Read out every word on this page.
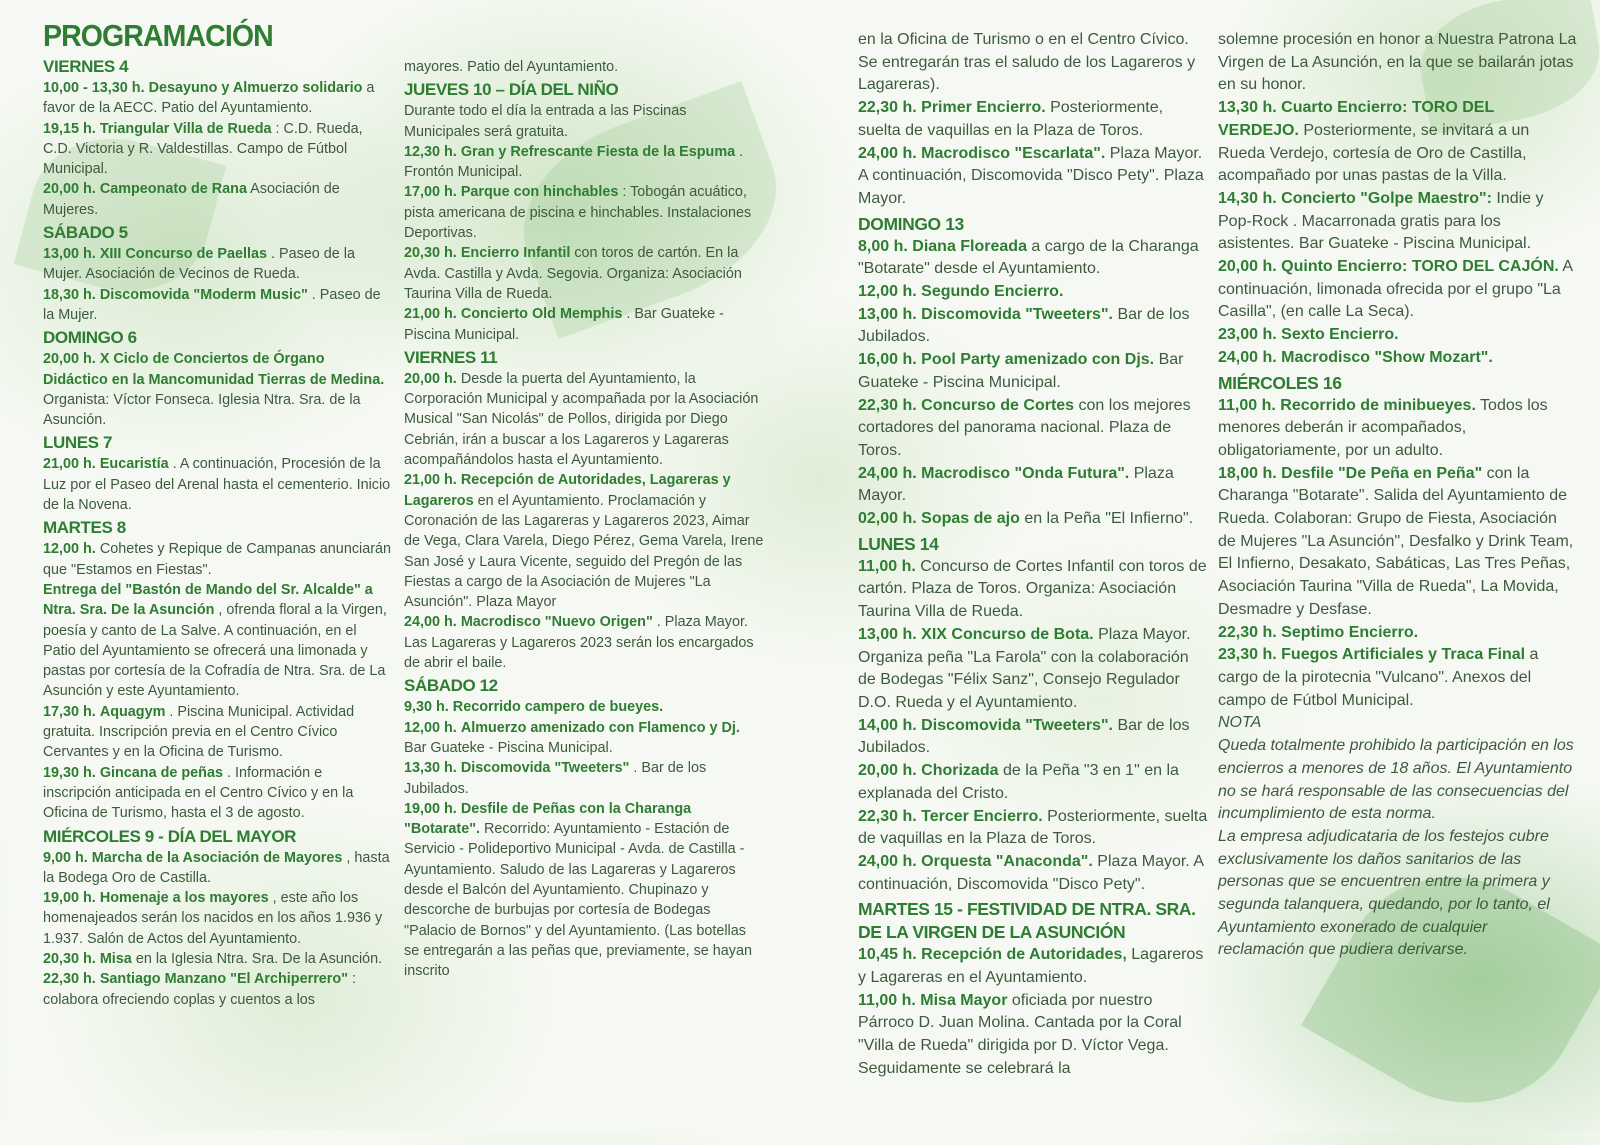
PROGRAMACIÓN
VIERNES 4

10,00 - 13,30 h. Desayuno y Almuerzo solidario a favor de la AECC. Patio del Ayuntamiento.

19,15 h. Triangular Villa de Rueda : C.D. Rueda, C.D. Victoria y R. Valdestillas. Campo de Fútbol Municipal.

20,00 h. Campeonato de Rana Asociación de Mujeres.

SÁBADO 5

13,00 h. XIII Concurso de Paellas . Paseo de la Mujer. Asociación de Vecinos de Rueda.

18,30 h. Discomovida "Moderm Music" . Paseo de la Mujer.

DOMINGO 6

20,00 h. X Ciclo de Conciertos de Órgano Didáctico en la Mancomunidad Tierras de Medina. Organista: Víctor Fonseca. Iglesia Ntra. Sra. de la Asunción.

LUNES 7

21,00 h. Eucaristía . A continuación, Procesión de la Luz por el Paseo del Arenal hasta el cementerio. Inicio de la Novena.

MARTES 8

12,00 h. Cohetes y Repique de Campanas anunciarán que "Estamos en Fiestas".

Entrega del "Bastón de Mando del Sr. Alcalde" a Ntra. Sra. De la Asunción , ofrenda floral a la Virgen, poesía y canto de La Salve. A continuación, en el Patio del Ayuntamiento se ofrecerá una limonada y pastas por cortesía de la Cofradía de Ntra. Sra. de La Asunción y este Ayuntamiento.

17,30 h. Aquagym . Piscina Municipal. Actividad gratuita. Inscripción previa en el Centro Cívico Cervantes y en la Oficina de Turismo.

19,30 h. Gincana de peñas . Información e inscripción anticipada en el Centro Cívico y en la Oficina de Turismo, hasta el 3 de agosto.

MIÉRCOLES 9 - DÍA DEL MAYOR

9,00 h. Marcha de la Asociación de Mayores , hasta la Bodega Oro de Castilla.

19,00 h. Homenaje a los mayores , este año los homenajeados serán los nacidos en los años 1.936 y 1.937. Salón de Actos del Ayuntamiento.

20,30 h. Misa en la Iglesia Ntra. Sra. De la Asunción.

22,30 h. Santiago Manzano "El Archiperrero" : colabora ofreciendo coplas y cuentos a los

mayores. Patio del Ayuntamiento.

JUEVES 10 – DÍA DEL NIÑO

Durante todo el día la entrada a las Piscinas Municipales será gratuita.

12,30 h. Gran y Refrescante Fiesta de la Espuma . Frontón Municipal.

17,00 h. Parque con hinchables : Tobogán acuático, pista americana de piscina e hinchables. Instalaciones Deportivas.

20,30 h. Encierro Infantil con toros de cartón. En la Avda. Castilla y Avda. Segovia. Organiza: Asociación Taurina Villa de Rueda.

21,00 h. Concierto Old Memphis . Bar Guateke - Piscina Municipal.

VIERNES 11

20,00 h. Desde la puerta del Ayuntamiento, la Corporación Municipal y acompañada por la Asociación Musical "San Nicolás" de Pollos, dirigida por Diego Cebrián, irán a buscar a los Lagareros y Lagareras acompañándolos hasta el Ayuntamiento.

21,00 h. Recepción de Autoridades, Lagareras y Lagareros en el Ayuntamiento. Proclamación y Coronación de las Lagareras y Lagareros 2023, Aimar de Vega, Clara Varela, Diego Pérez, Gema Varela, Irene San José y Laura Vicente, seguido del Pregón de las Fiestas a cargo de la Asociación de Mujeres "La Asunción". Plaza Mayor

24,00 h. Macrodisco "Nuevo Origen" . Plaza Mayor. Las Lagareras y Lagareros 2023 serán los encargados de abrir el baile.

SÁBADO 12

9,30 h. Recorrido campero de bueyes.

12,00 h. Almuerzo amenizado con Flamenco y Dj. Bar Guateke - Piscina Municipal.

13,30 h. Discomovida "Tweeters" . Bar de los Jubilados.

19,00 h. Desfile de Peñas con la Charanga "Botarate". Recorrido: Ayuntamiento - Estación de Servicio - Polideportivo Municipal - Avda. de Castilla - Ayuntamiento. Saludo de las Lagareras y Lagareros desde el Balcón del Ayuntamiento. Chupinazo y descorche de burbujas por cortesía de Bodegas "Palacio de Bornos" y del Ayuntamiento. (Las botellas se entregarán a las peñas que, previamente, se hayan inscrito

en la Oficina de Turismo o en el Centro Cívico. Se entregarán tras el saludo de los Lagareros y Lagareras).

22,30 h. Primer Encierro. Posteriormente, suelta de vaquillas en la Plaza de Toros.

24,00 h. Macrodisco "Escarlata". Plaza Mayor.

A continuación, Discomovida "Disco Pety". Plaza Mayor.

DOMINGO 13

8,00 h. Diana Floreada a cargo de la Charanga "Botarate" desde el Ayuntamiento.

12,00 h. Segundo Encierro.

13,00 h. Discomovida "Tweeters". Bar de los Jubilados.

16,00 h. Pool Party amenizado con Djs. Bar Guateke - Piscina Municipal.

22,30 h. Concurso de Cortes con los mejores cortadores del panorama nacional. Plaza de Toros.

24,00 h. Macrodisco "Onda Futura". Plaza Mayor.

02,00 h. Sopas de ajo en la Peña "El Infierno".

LUNES 14

11,00 h. Concurso de Cortes Infantil con toros de cartón. Plaza de Toros. Organiza: Asociación Taurina Villa de Rueda.

13,00 h. XIX Concurso de Bota. Plaza Mayor. Organiza peña "La Farola" con la colaboración de Bodegas "Félix Sanz", Consejo Regulador D.O. Rueda y el Ayuntamiento.

14,00 h. Discomovida "Tweeters". Bar de los Jubilados.

20,00 h. Chorizada de la Peña "3 en 1" en la explanada del Cristo.

22,30 h. Tercer Encierro. Posteriormente, suelta de vaquillas en la Plaza de Toros.

24,00 h. Orquesta "Anaconda". Plaza Mayor. A continuación, Discomovida "Disco Pety".

MARTES 15 - FESTIVIDAD DE NTRA. SRA. DE LA VIRGEN DE LA ASUNCIÓN

10,45 h. Recepción de Autoridades, Lagareros y Lagareras en el Ayuntamiento.

11,00 h. Misa Mayor oficiada por nuestro Párroco D. Juan Molina. Cantada por la Coral "Villa de Rueda" dirigida por D. Víctor Vega. Seguidamente se celebrará la

solemne procesión en honor a Nuestra Patrona La Virgen de La Asunción, en la que se bailarán jotas en su honor.

13,30 h. Cuarto Encierro: TORO DEL VERDEJO. Posteriormente, se invitará a un Rueda Verdejo, cortesía de Oro de Castilla, acompañado por unas pastas de la Villa.

14,30 h. Concierto "Golpe Maestro": Indie y Pop-Rock . Macarronada gratis para los asistentes. Bar Guateke - Piscina Municipal.

20,00 h. Quinto Encierro: TORO DEL CAJÓN. A continuación, limonada ofrecida por el grupo "La Casilla", (en calle La Seca).

23,00 h. Sexto Encierro.

24,00 h. Macrodisco "Show Mozart".

MIÉRCOLES 16

11,00 h. Recorrido de minibueyes. Todos los menores deberán ir acompañados, obligatoriamente, por un adulto.

18,00 h. Desfile "De Peña en Peña" con la Charanga "Botarate". Salida del Ayuntamiento de Rueda. Colaboran: Grupo de Fiesta, Asociación de Mujeres "La Asunción", Desfalko y Drink Team, El Infierno, Desakato, Sabáticas, Las Tres Peñas, Asociación Taurina "Villa de Rueda", La Movida, Desmadre y Desfase.

22,30 h. Septimo Encierro.

23,30 h. Fuegos Artificiales y Traca Final a cargo de la pirotecnia "Vulcano". Anexos del campo de Fútbol Municipal.

NOTA

Queda totalmente prohibido la participación en los encierros a menores de 18 años. El Ayuntamiento no se hará responsable de las consecuencias del incumplimiento de esta norma.

La empresa adjudicataria de los festejos cubre exclusivamente los daños sanitarios de las personas que se encuentren entre la primera y segunda talanquera, quedando, por lo tanto, el Ayuntamiento exonerado de cualquier reclamación que pudiera derivarse.
